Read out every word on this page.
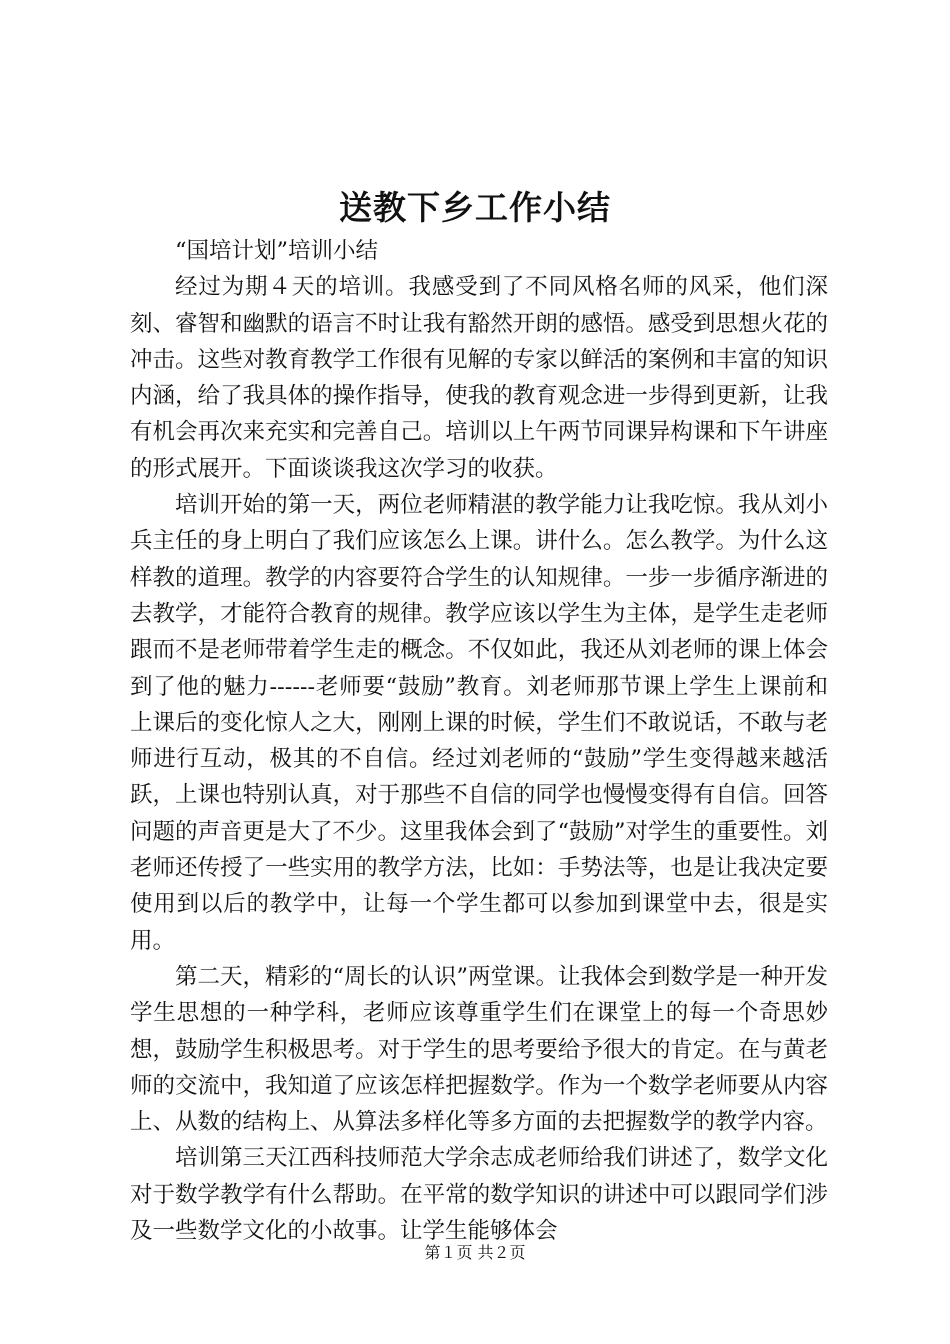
送教下乡工作小结

“国培计划”培训小结

经过为期４天的培训。我感受到了不同风格名师的风采，他们深刻、睿智和幽默的语言不时让我有豁然开朗的感悟。感受到思想火花的冲击。这些对教育教学工作很有见解的专家以鲜活的案例和丰富的知识内涵，给了我具体的操作指导，使我的教育观念进一步得到更新，让我有机会再次来充实和完善自己。培训以上午两节同课异构课和下午讲座的形式展开。下面谈谈我这次学习的收获。

培训开始的第一天，两位老师精湛的教学能力让我吃惊。我从刘小兵主任的身上明白了我们应该怎么上课。讲什么。怎么教学。为什么这样教的道理。教学的内容要符合学生的认知规律。一步一步循序渐进的去教学，才能符合教育的规律。教学应该以学生为主体，是学生走老师跟而不是老师带着学生走的概念。不仅如此，我还从刘老师的课上体会到了他的魅力------老师要“鼓励”教育。刘老师那节课上学生上课前和上课后的变化惊人之大，刚刚上课的时候，学生们不敢说话，不敢与老师进行互动，极其的不自信。经过刘老师的“鼓励”学生变得越来越活跃，上课也特别认真，对于那些不自信的同学也慢慢变得有自信。回答问题的声音更是大了不少。这里我体会到了“鼓励”对学生的重要性。刘老师还传授了一些实用的教学方法，比如：手势法等，也是让我决定要使用到以后的教学中，让每一个学生都可以参加到课堂中去，很是实用。

第二天，精彩的“周长的认识”两堂课。让我体会到数学是一种开发学生思想的一种学科，老师应该尊重学生们在课堂上的每一个奇思妙想，鼓励学生积极思考。对于学生的思考要给予很大的肯定。在与黄老师的交流中，我知道了应该怎样把握数学。作为一个数学老师要从内容上、从数的结构上、从算法多样化等多方面的去把握数学的教学内容。

培训第三天江西科技师范大学余志成老师给我们讲述了，数学文化对于数学教学有什么帮助。在平常的数学知识的讲述中可以跟同学们涉及一些数学文化的小故事。让学生能够体会

第１页 共２页
